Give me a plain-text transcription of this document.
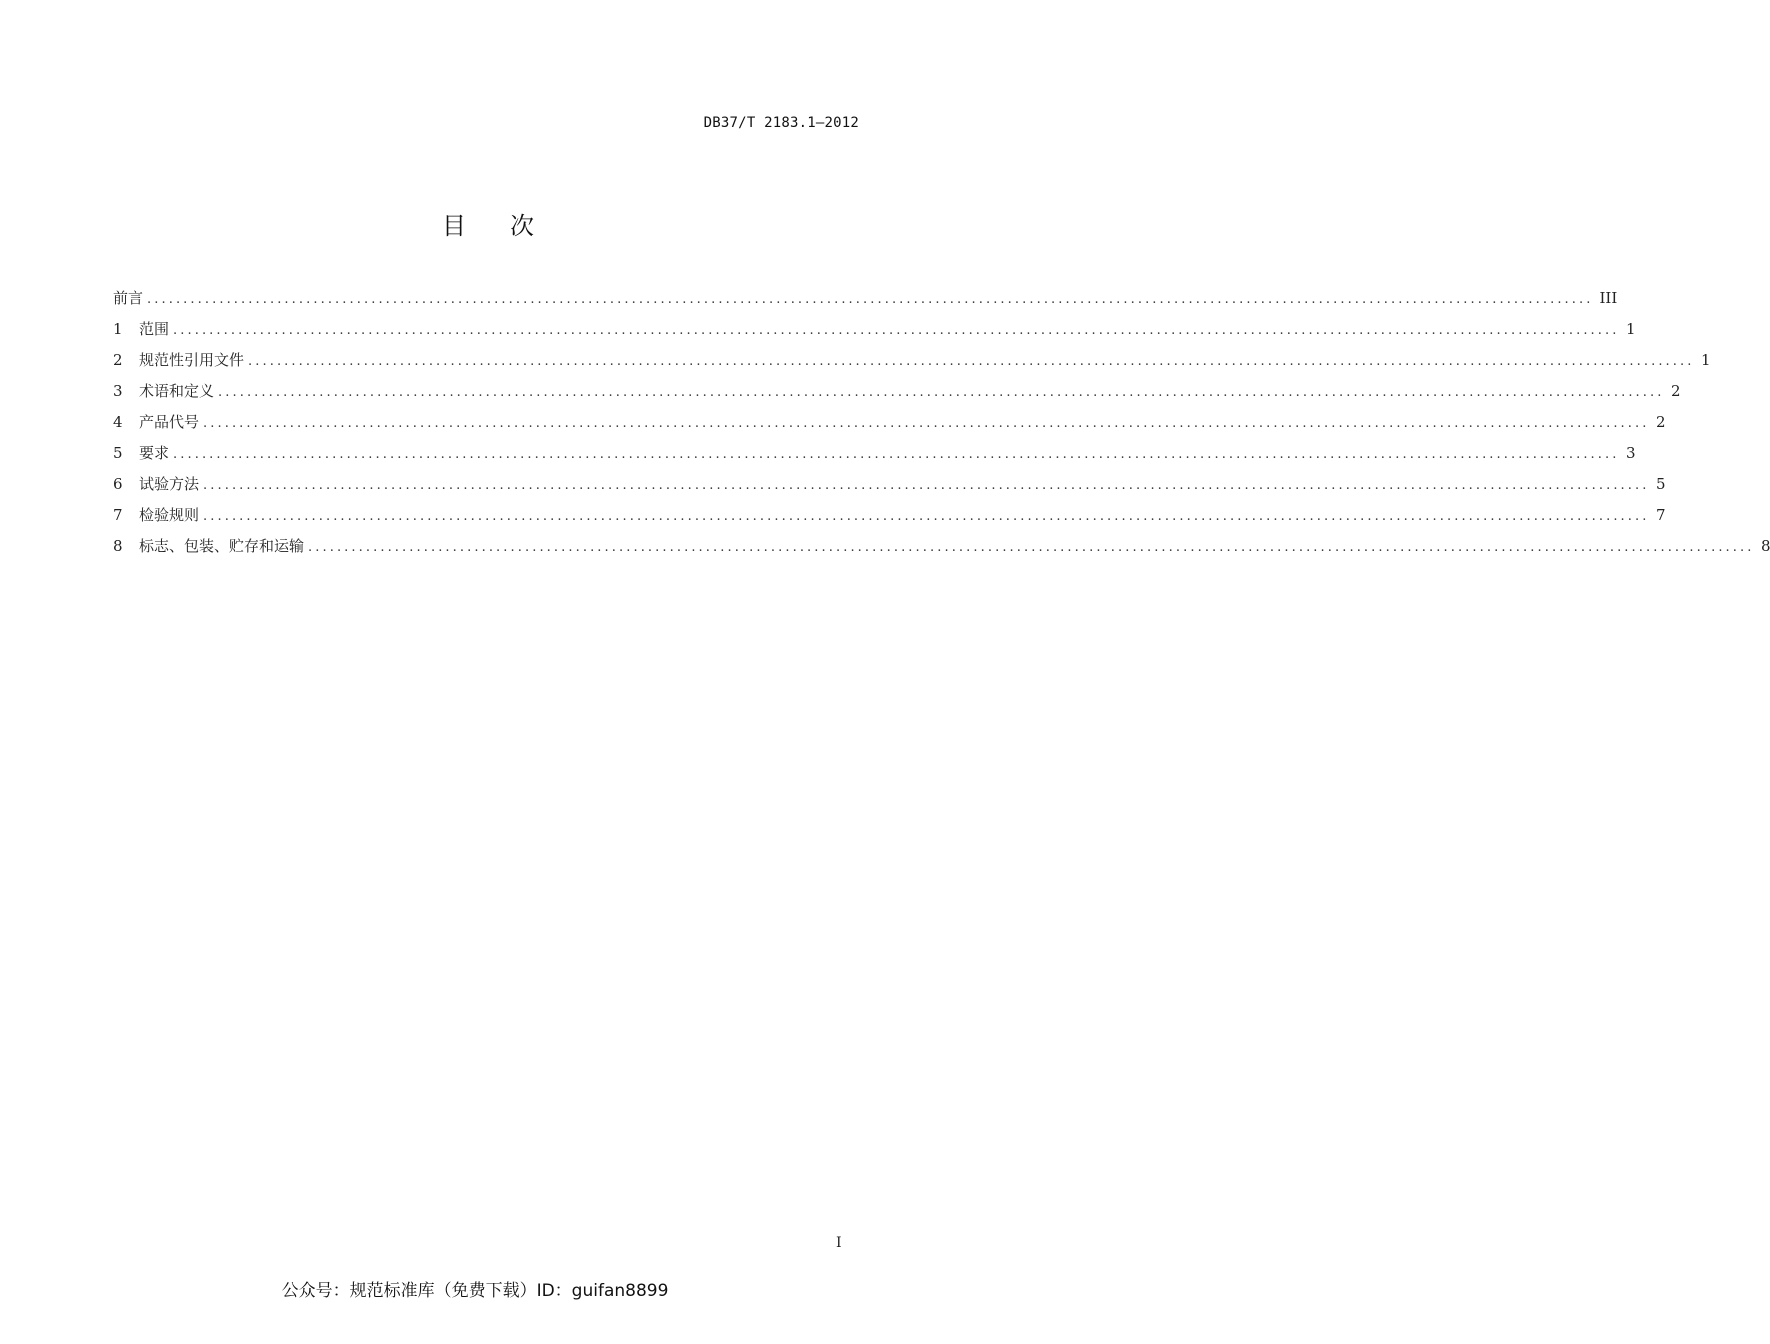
DB37/T 2183.1—2012
目 次
前言 ........................................................................................................................................................................................................ III
1	范围 ........................................................................................................................................................................................................ 1
2	规范性引用文件 ........................................................................................................................................................................................................ 1
3	术语和定义 ........................................................................................................................................................................................................ 2
4	产品代号 ........................................................................................................................................................................................................ 2
5	要求 ........................................................................................................................................................................................................ 3
6	试验方法 ........................................................................................................................................................................................................ 5
7	检验规则 ........................................................................................................................................................................................................ 7
8	标志、包装、贮存和运输 ........................................................................................................................................................................................................ 8
I
公众号：规范标准库（免费下载）ID：guifan8899
